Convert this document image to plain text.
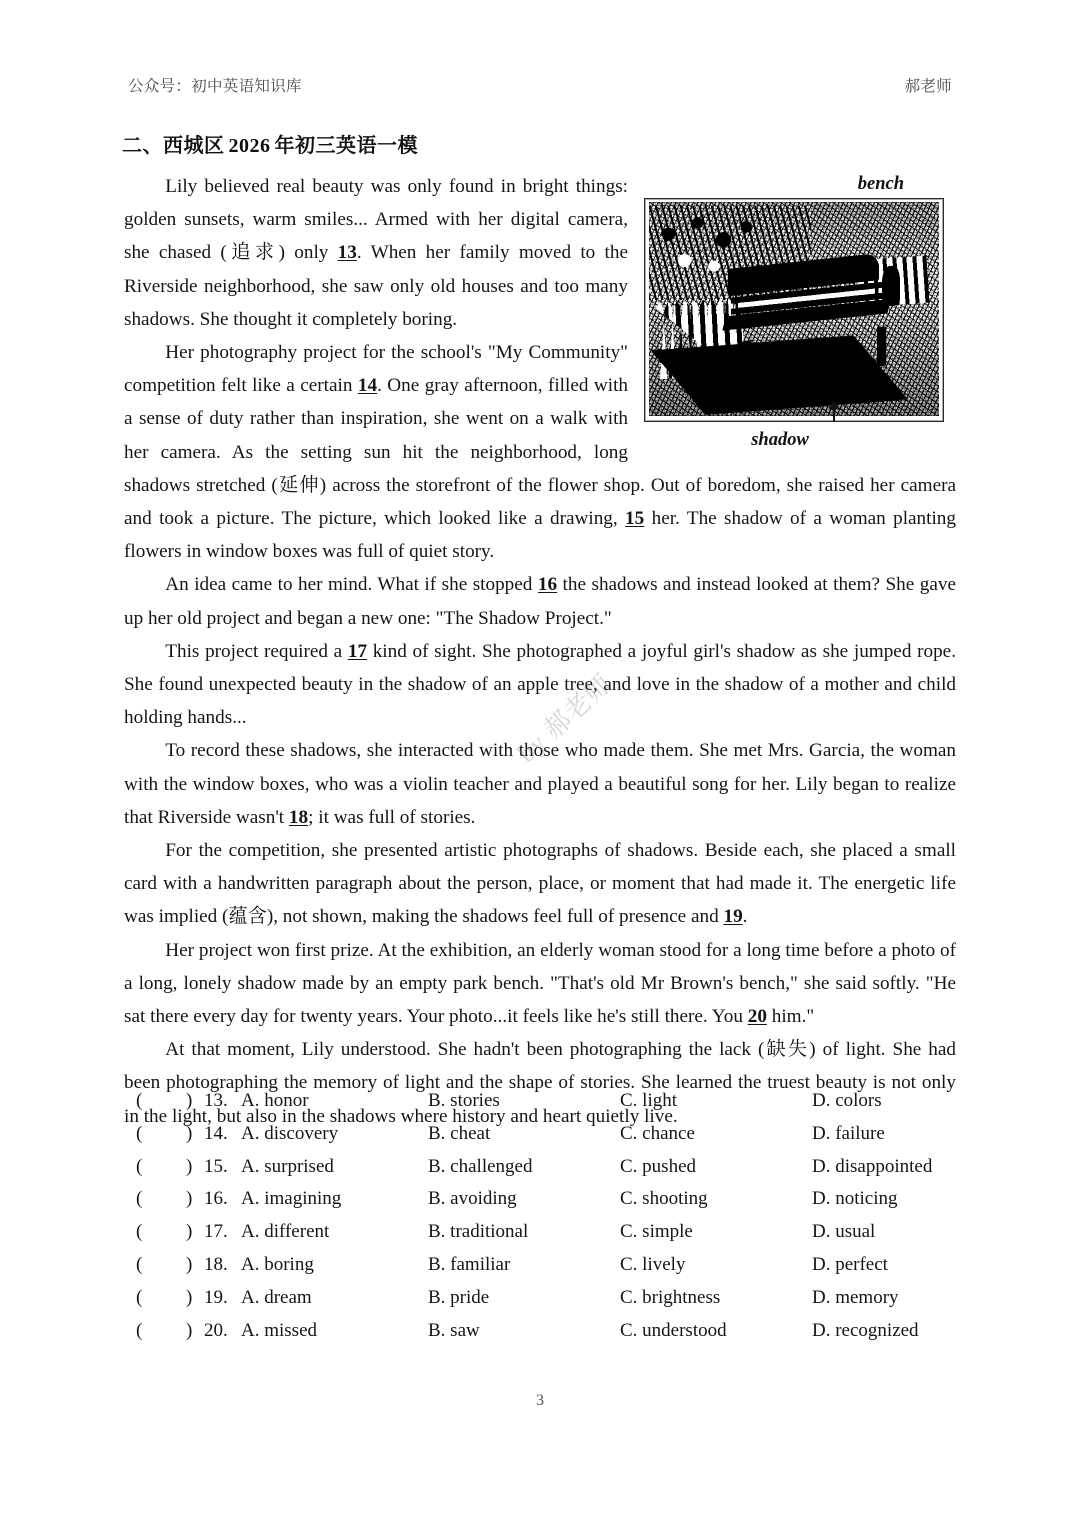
公众号：初中英语知识库	郝老师
二、西城区 2026 年初三英语一模
bench
shadow

Lily believed real beauty was only found in bright things: golden sunsets, warm smiles... Armed with her digital camera, she chased (追求) only 13. When her family moved to the Riverside neighborhood, she saw only old houses and too many shadows. She thought it completely boring.

Her photography project for the school's "My Community" competition felt like a certain 14. One gray afternoon, filled with a sense of duty rather than inspiration, she went on a walk with her camera. As the setting sun hit the neighborhood, long shadows stretched (延伸) across the storefront of the flower shop. Out of boredom, she raised her camera and took a picture. The picture, which looked like a drawing, 15 her. The shadow of a woman planting flowers in window boxes was full of quiet story.

An idea came to her mind. What if she stopped 16 the shadows and instead looked at them? She gave up her old project and began a new one: "The Shadow Project."

This project required a 17 kind of sight. She photographed a joyful girl's shadow as she jumped rope. She found unexpected beauty in the shadow of an apple tree, and love in the shadow of a mother and child holding hands...

To record these shadows, she interacted with those who made them. She met Mrs. Garcia, the woman with the window boxes, who was a violin teacher and played a beautiful song for her. Lily began to realize that Riverside wasn't 18; it was full of stories.

For the competition, she presented artistic photographs of shadows. Beside each, she placed a small card with a handwritten paragraph about the person, place, or moment that had made it. The energetic life was implied (蕴含), not shown, making the shadows feel full of presence and 19.

Her project won first prize. At the exhibition, an elderly woman stood for a long time before a photo of a long, lonely shadow made by an empty park bench. "That's old Mr Brown's bench," she said softly. "He sat there every day for twenty years. Your photo...it feels like he's still there. You 20 him."

At that moment, Lily understood. She hadn't been photographing the lack (缺失) of light. She had been photographing the memory of light and the shape of stories. She learned the truest beauty is not only in the light, but also in the shadows where history and heart quietly live.

by 郝老师
( ) 13. A. honor	B. stories	C. light	D. colors
( ) 14. A. discovery	B. cheat	C. chance	D. failure
( ) 15. A. surprised	B. challenged	C. pushed	D. disappointed
( ) 16. A. imagining	B. avoiding	C. shooting	D. noticing
( ) 17. A. different	B. traditional	C. simple	D. usual
( ) 18. A. boring	B. familiar	C. lively	D. perfect
( ) 19. A. dream	B. pride	C. brightness	D. memory
( ) 20. A. missed	B. saw	C. understood	D. recognized
3
